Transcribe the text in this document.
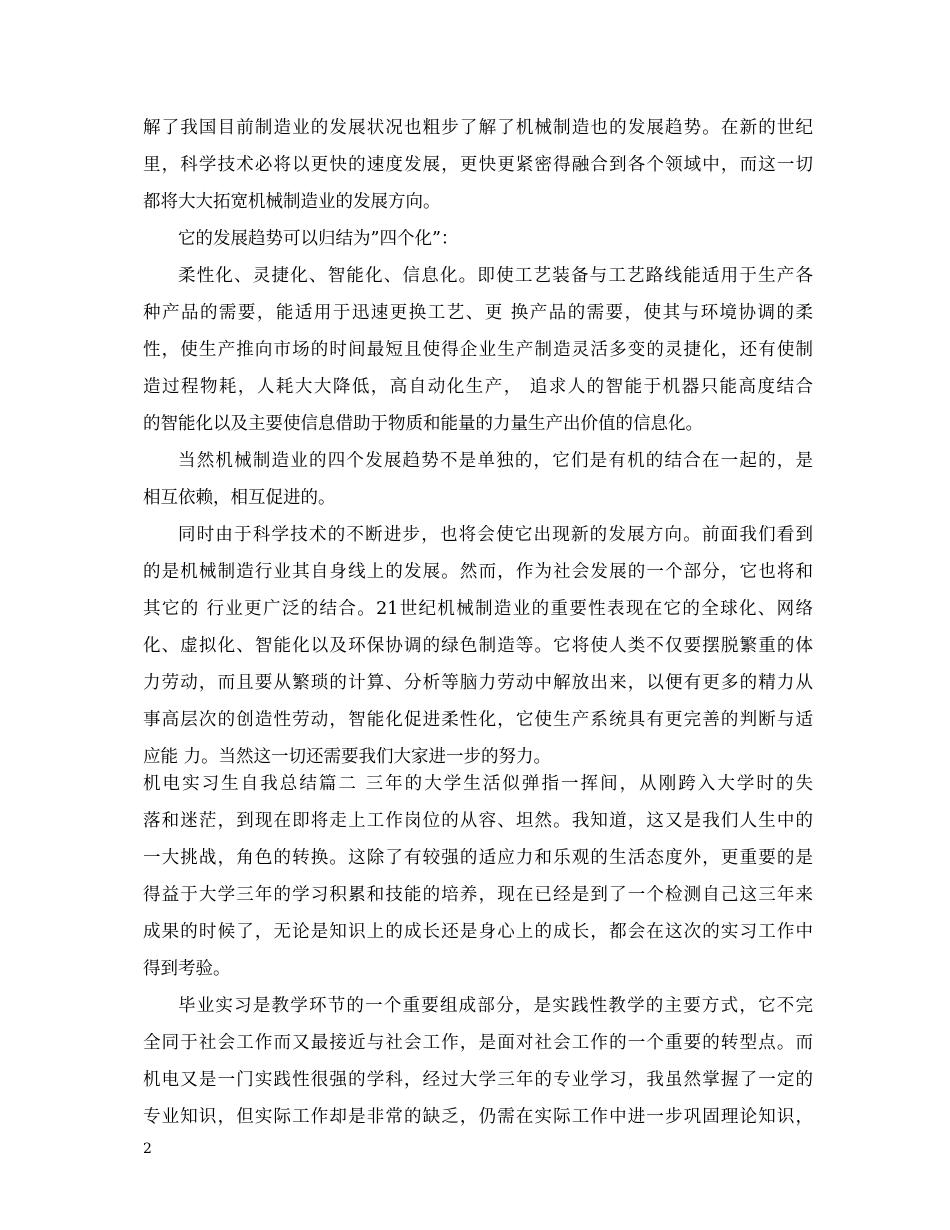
解了我国目前制造业的发展状况也粗步了解了机械制造也的发展趋势。在新的世纪
里，科学技术必将以更快的速度发展，更快更紧密得融合到各个领域中，而这一切
都将大大拓宽机械制造业的发展方向。
它的发展趋势可以归结为”四个化”：
柔性化、灵捷化、智能化、信息化。即使工艺装备与工艺路线能适用于生产各
种产品的需要，能适用于迅速更换工艺、更 换产品的需要，使其与环境协调的柔
性，使生产推向市场的时间最短且使得企业生产制造灵活多变的灵捷化，还有使制
造过程物耗，人耗大大降低，高自动化生产， 追求人的智能于机器只能高度结合
的智能化以及主要使信息借助于物质和能量的力量生产出价值的信息化。
当然机械制造业的四个发展趋势不是单独的，它们是有机的结合在一起的，是
相互依赖，相互促进的。
同时由于科学技术的不断进步，也将会使它出现新的发展方向。前面我们看到
的是机械制造行业其自身线上的发展。然而，作为社会发展的一个部分，它也将和
其它的 行业更广泛的结合。21世纪机械制造业的重要性表现在它的全球化、网络
化、虚拟化、智能化以及环保协调的绿色制造等。它将使人类不仅要摆脱繁重的体
力劳动，而且要从繁琐的计算、分析等脑力劳动中解放出来，以便有更多的精力从
事高层次的创造性劳动，智能化促进柔性化，它使生产系统具有更完善的判断与适
应能 力。当然这一切还需要我们大家进一步的努力。
机电实习生自我总结篇二 三年的大学生活似弹指一挥间，从刚跨入大学时的失
落和迷茫，到现在即将走上工作岗位的从容、坦然。我知道，这又是我们人生中的
一大挑战，角色的转换。这除了有较强的适应力和乐观的生活态度外，更重要的是
得益于大学三年的学习积累和技能的培养，现在已经是到了一个检测自己这三年来
成果的时候了，无论是知识上的成长还是身心上的成长，都会在这次的实习工作中
得到考验。
毕业实习是教学环节的一个重要组成部分，是实践性教学的主要方式，它不完
全同于社会工作而又最接近与社会工作，是面对社会工作的一个重要的转型点。而
机电又是一门实践性很强的学科，经过大学三年的专业学习，我虽然掌握了一定的
专业知识，但实际工作却是非常的缺乏，仍需在实际工作中进一步巩固理论知识，
2
